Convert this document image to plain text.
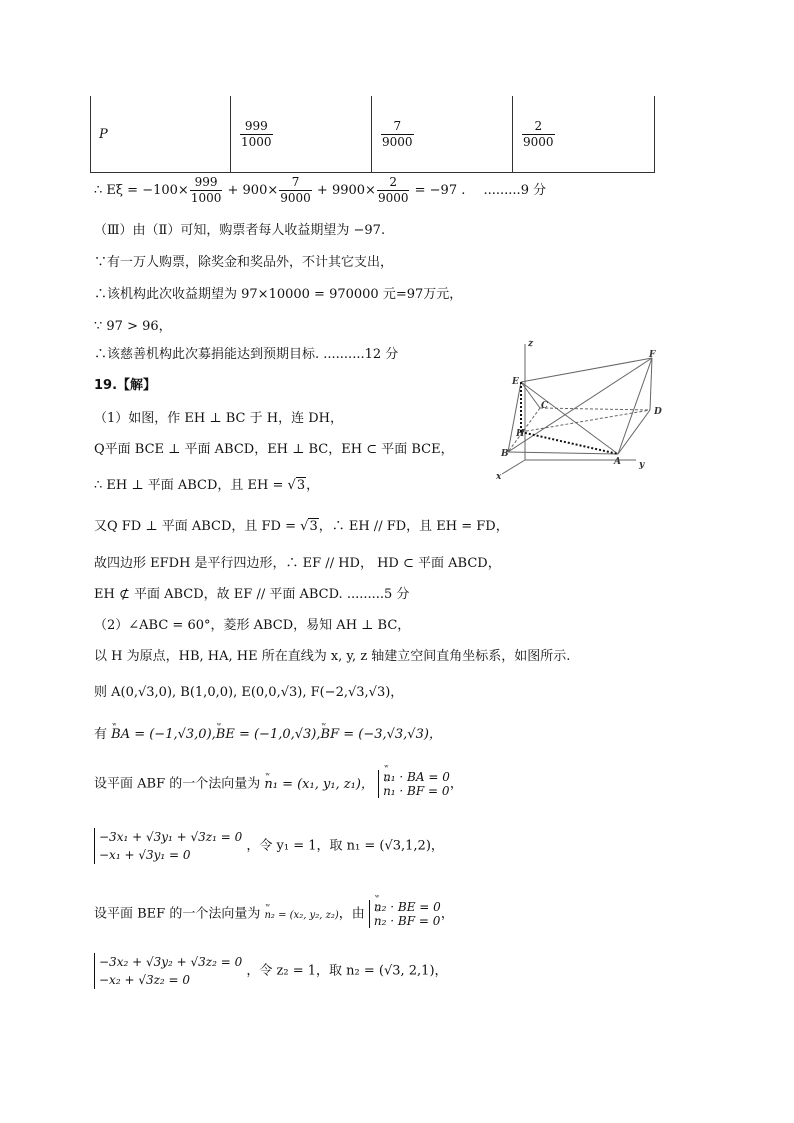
P	$\frac{999}{1000}$	$\frac{7}{9000}$	$\frac{2}{9000}$
∴ $E\xi = -100\times \frac{999}{1000} + 900\times \frac{7}{9000} + 9900\times \frac{2}{9000} = -97$ . .........9 分
（Ⅲ）由（Ⅱ）可知，购票者每人收益期望为 −97.
∵有一万人购票，除奖金和奖品外，不计其它支出，
∴该机构此次收益期望为 97×10000 = 970000 元=97万元，
∵ 97 > 96，
∴该慈善机构此次募捐能达到预期目标. ..........12 分
19.【解】
（1）如图，作 EH ⊥ BC 于 H，连 DH，
Q平面 BCE ⊥ 平面 ABCD，EH ⊥ BC，EH ⊂ 平面 BCE，
∴ EH ⊥ 平面 ABCD，且 EH = √3，
又Q FD ⊥ 平面 ABCD，且 FD = √3，∴ EH // FD，且 EH = FD，
故四边形 EFDH 是平行四边形，∴ EF // HD， HD ⊂ 平面 ABCD，
EH ⊄ 平面 ABCD，故 EF // 平面 ABCD. .........5 分
（2）∠ABC = 60°，菱形 ABCD，易知 AH ⊥ BC，
以 H 为原点，HB, HA, HE 所在直线为 x, y, z 轴建立空间直角坐标系，如图所示.
则 A(0,√3,0), B(1,0,0), E(0,0,√3), F(−2,√3,√3)，
有 ʷ BA = (−1,√3,0),ʷ BE = (−1,0,√3),ʷ BF = (−3,√3,√3)，
设平面 ABF 的一个法向量为 ʷ n₁ = (x₁, y₁, z₁)， ʷ n₁ · BA = 0
ʷ n₁ · BF = 0 ，
−3x₁ + √3y₁ + √3z₁ = 0
−x₁ + √3y₁ = 0
，令 y₁ = 1，取 n₁ = (√3,1,2)，
设平面 BEF 的一个法向量为 ʷ n₂ = (x₂, y₂, z₂)，由 ʷ n₂ · BE = 0
ʷ n₂ · BF = 0 ，
−3x₂ + √3y₂ + √3z₂ = 0
−x₂ + √3z₂ = 0
，令 z₂ = 1，取 n₂ = (√3, 2,1)，
z
F
E
C
D
H
B
A y
x
